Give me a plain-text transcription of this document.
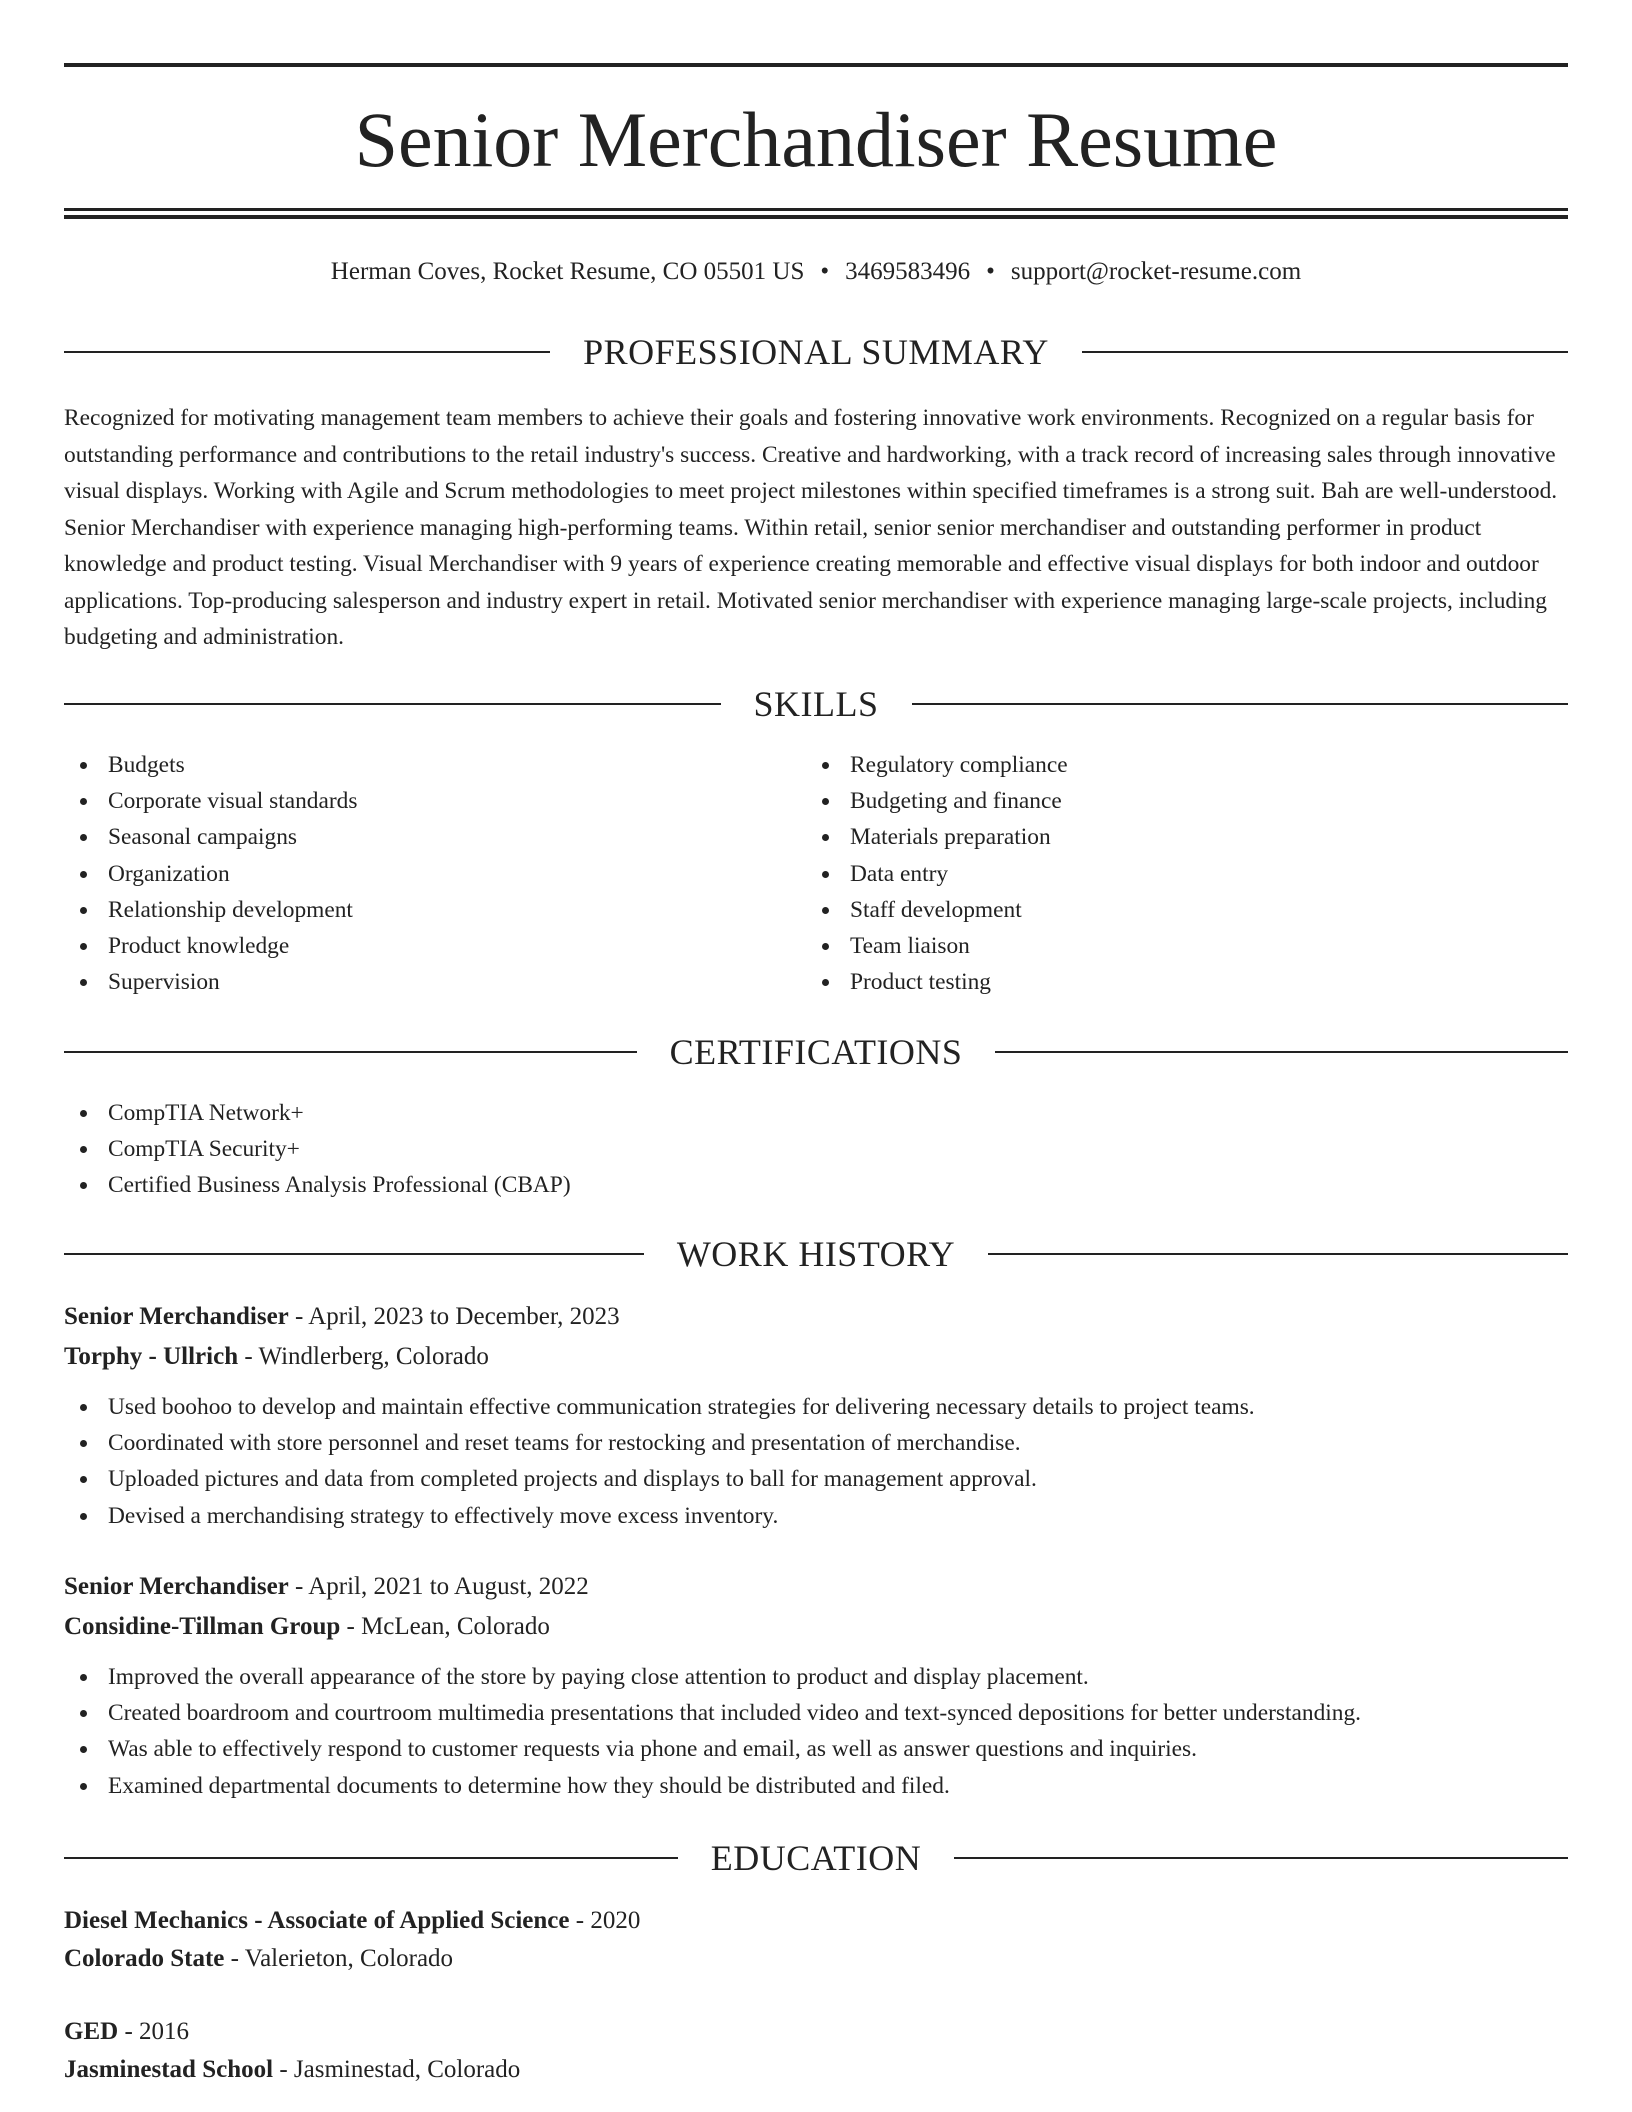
Senior Merchandiser Resume
Herman Coves, Rocket Resume, CO 05501 US • 3469583496 • support@rocket-resume.com
PROFESSIONAL SUMMARY

Recognized for motivating management team members to achieve their goals and fostering innovative work environments. Recognized on a regular basis for outstanding performance and contributions to the retail industry's success. Creative and hardworking, with a track record of increasing sales through innovative visual displays. Working with Agile and Scrum methodologies to meet project milestones within specified timeframes is a strong suit. Bah are well-understood. Senior Merchandiser with experience managing high-performing teams. Within retail, senior senior merchandiser and outstanding performer in product knowledge and product testing. Visual Merchandiser with 9 years of experience creating memorable and effective visual displays for both indoor and outdoor applications. Top-producing salesperson and industry expert in retail. Motivated senior merchandiser with experience managing large-scale projects, including budgeting and administration.

SKILLS
Budgets
Corporate visual standards
Seasonal campaigns
Organization
Relationship development
Product knowledge
Supervision
Regulatory compliance
Budgeting and finance
Materials preparation
Data entry
Staff development
Team liaison
Product testing
CERTIFICATIONS
CompTIA Network+
CompTIA Security+
Certified Business Analysis Professional (CBAP)
WORK HISTORY
Senior Merchandiser - April, 2023 to December, 2023
Torphy - Ullrich - Windlerberg, Colorado
Used boohoo to develop and maintain effective communication strategies for delivering necessary details to project teams.
Coordinated with store personnel and reset teams for restocking and presentation of merchandise.
Uploaded pictures and data from completed projects and displays to ball for management approval.
Devised a merchandising strategy to effectively move excess inventory.
Senior Merchandiser - April, 2021 to August, 2022
Considine-Tillman Group - McLean, Colorado
Improved the overall appearance of the store by paying close attention to product and display placement.
Created boardroom and courtroom multimedia presentations that included video and text-synced depositions for better understanding.
Was able to effectively respond to customer requests via phone and email, as well as answer questions and inquiries.
Examined departmental documents to determine how they should be distributed and filed.
EDUCATION
Diesel Mechanics - Associate of Applied Science - 2020
Colorado State - Valerieton, Colorado
GED - 2016
Jasminestad School - Jasminestad, Colorado
